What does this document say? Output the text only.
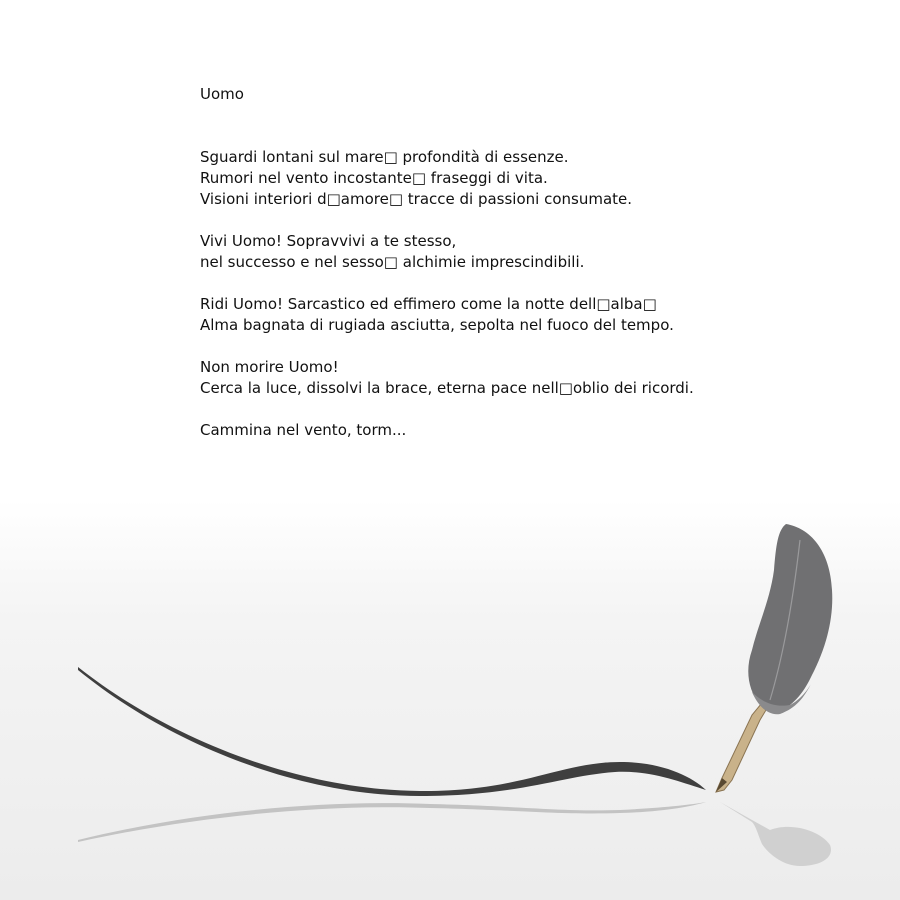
Uomo

Sguardi lontani sul mare□ profondità di essenze.
Rumori nel vento incostante□ fraseggi di vita.
Visioni interiori d□amore□ tracce di passioni consumate.
Vivi Uomo! Sopravvivi a te stesso,
nel successo e nel sesso□ alchimie imprescindibili.
Ridi Uomo! Sarcastico ed effimero come la notte dell□alba□
Alma bagnata di rugiada asciutta, sepolta nel fuoco del tempo.
Non morire Uomo!
Cerca la luce, dissolvi la brace, eterna pace nell□oblio dei ricordi.
Cammina nel vento, torm...
